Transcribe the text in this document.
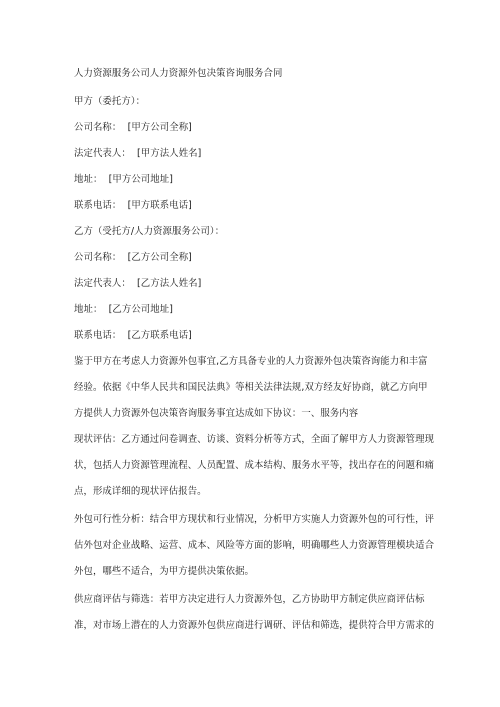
人力资源服务公司人力资源外包决策咨询服务合同
甲方（委托方）：
公司名称： [甲方公司全称]
法定代表人： [甲方法人姓名]
地址： [甲方公司地址]
联系电话： [甲方联系电话]
乙方（受托方/人力资源服务公司）：
公司名称： [乙方公司全称]
法定代表人： [乙方法人姓名]
地址： [乙方公司地址]
联系电话： [乙方联系电话]
鉴于甲方在考虑人力资源外包事宜,乙方具备专业的人力资源外包决策咨询能力和丰富
经验。依据《中华人民共和国民法典》等相关法律法规,双方经友好协商，就乙方向甲
方提供人力资源外包决策咨询服务事宜达成如下协议：一、服务内容
现状评估：乙方通过问卷调查、访谈、资料分析等方式，全面了解甲方人力资源管理现
状，包括人力资源管理流程、人员配置、成本结构、服务水平等，找出存在的问题和痛
点，形成详细的现状评估报告。
外包可行性分析：结合甲方现状和行业情况，分析甲方实施人力资源外包的可行性，评
估外包对企业战略、运营、成本、风险等方面的影响，明确哪些人力资源管理模块适合
外包，哪些不适合，为甲方提供决策依据。
供应商评估与筛选：若甲方决定进行人力资源外包，乙方协助甲方制定供应商评估标
准，对市场上潜在的人力资源外包供应商进行调研、评估和筛选，提供符合甲方需求的
